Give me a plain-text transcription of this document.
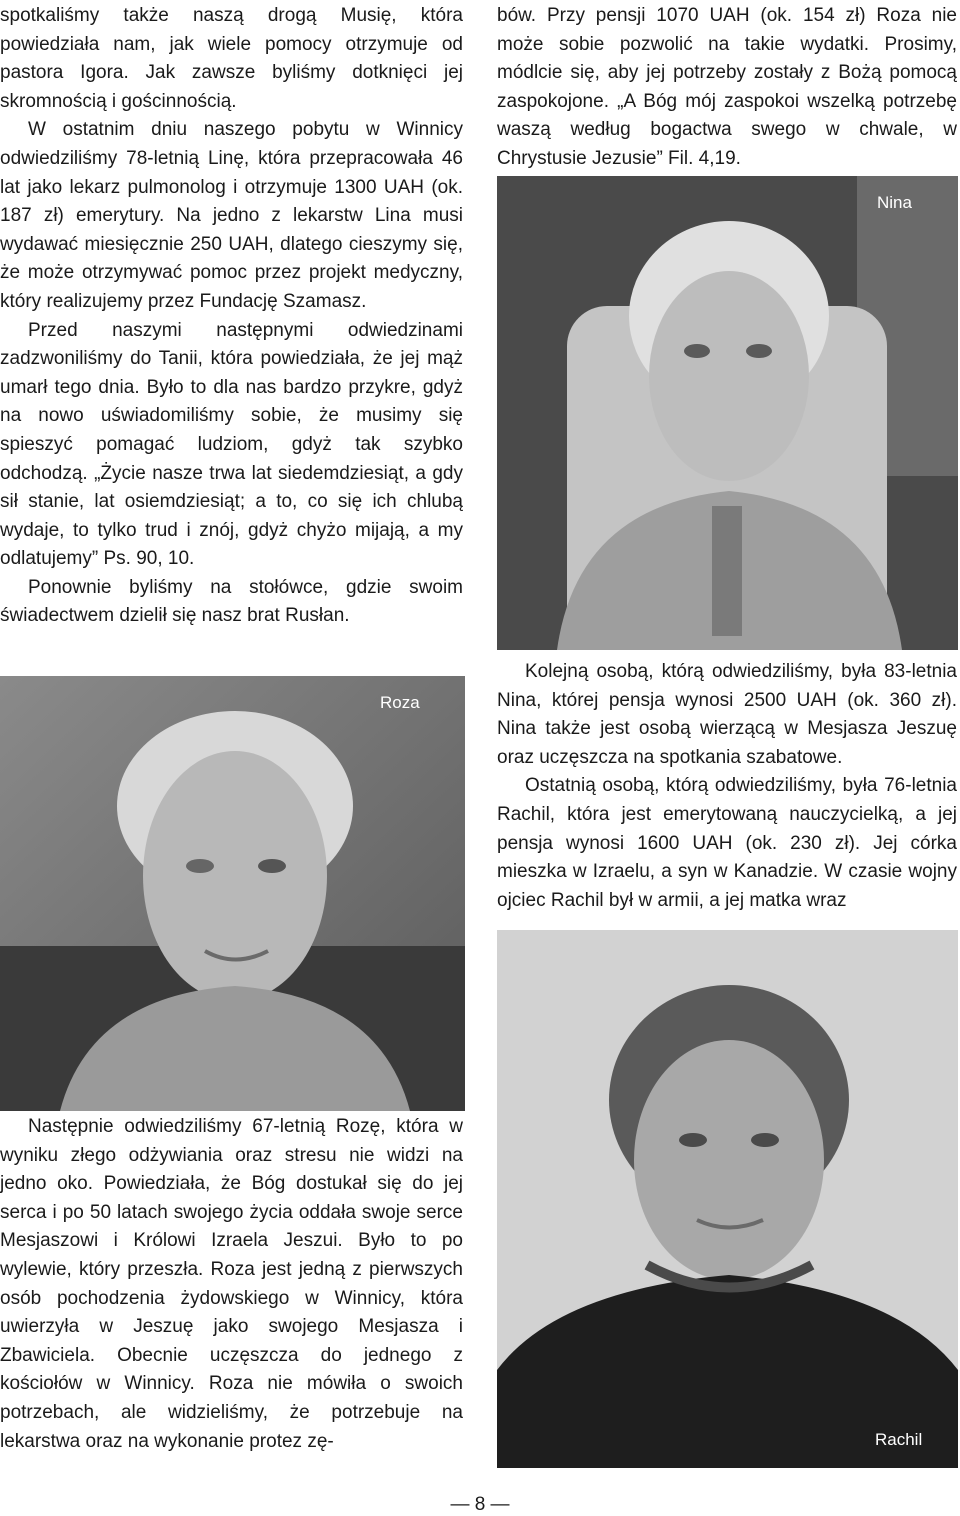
spotkaliśmy także naszą drogą Musię, która powiedziała nam, jak wiele pomocy otrzymuje od pastora Igora. Jak zawsze byliśmy dotknięci jej skromnością i gościnnością.

W ostatnim dniu naszego pobytu w Winnicy odwiedziliśmy 78-letnią Linę, która przepracowała 46 lat jako lekarz pulmonolog i otrzymuje 1300 UAH (ok. 187 zł) emerytury. Na jedno z lekarstw Lina musi wydawać miesięcznie 250 UAH, dlatego cieszymy się, że może otrzymywać pomoc przez projekt medyczny, który realizujemy przez Fundację Szamasz.

Przed naszymi następnymi odwiedzinami zadzwoniliśmy do Tanii, która powiedziała, że jej mąż umarł tego dnia. Było to dla nas bardzo przykre, gdyż na nowo uświadomiliśmy sobie, że musimy się spieszyć pomagać ludziom, gdyż tak szybko odchodzą. „Życie nasze trwa lat siedemdziesiąt, a gdy sił stanie, lat osiemdziesiąt; a to, co się ich chlubą wydaje, to tylko trud i znój, gdyż chyżo mijają, a my odlatujemy” Ps. 90, 10.

Ponownie byliśmy na stołówce, gdzie swoim świadectwem dzielił się nasz brat Rusłan.

Roza

Następnie odwiedziliśmy 67-letnią Rozę, która w wyniku złego odżywiania oraz stresu nie widzi na jedno oko. Powiedziała, że Bóg dostukał się do jej serca i po 50 latach swojego życia oddała swoje serce Mesjaszowi i Królowi Izraela Jeszui. Było to po wylewie, który przeszła. Roza jest jedną z pierwszych osób pochodzenia żydowskiego w Winnicy, która uwierzyła w Jeszuę jako swojego Mesjasza i Zbawiciela. Obecnie uczęszcza do jednego z kościołów w Winnicy. Roza nie mówiła o swoich potrzebach, ale widzieliśmy, że potrzebuje na lekarstwa oraz na wykonanie protez zę-

bów. Przy pensji 1070 UAH (ok. 154 zł) Roza nie może sobie pozwolić na takie wydatki. Prosimy, módlcie się, aby jej potrzeby zostały z Bożą pomocą zaspokojone. „A Bóg mój zaspokoi wszelką potrzebę waszą według bogactwa swego w chwale, w Chrystusie Jezusie” Fil. 4,19.

Nina

Kolejną osobą, którą odwiedziliśmy, była 83-letnia Nina, której pensja wynosi 2500 UAH (ok. 360 zł). Nina także jest osobą wierzącą w Mesjasza Jeszuę oraz uczęszcza na spotkania szabatowe.

Ostatnią osobą, którą odwiedziliśmy, była 76-letnia Rachil, która jest emerytowaną nauczycielką, a jej pensja wynosi 1600 UAH (ok. 230 zł). Jej córka mieszka w Izraelu, a syn w Kanadzie. W czasie wojny ojciec Rachil był w armii, a jej matka wraz

Rachil
— 8 —
